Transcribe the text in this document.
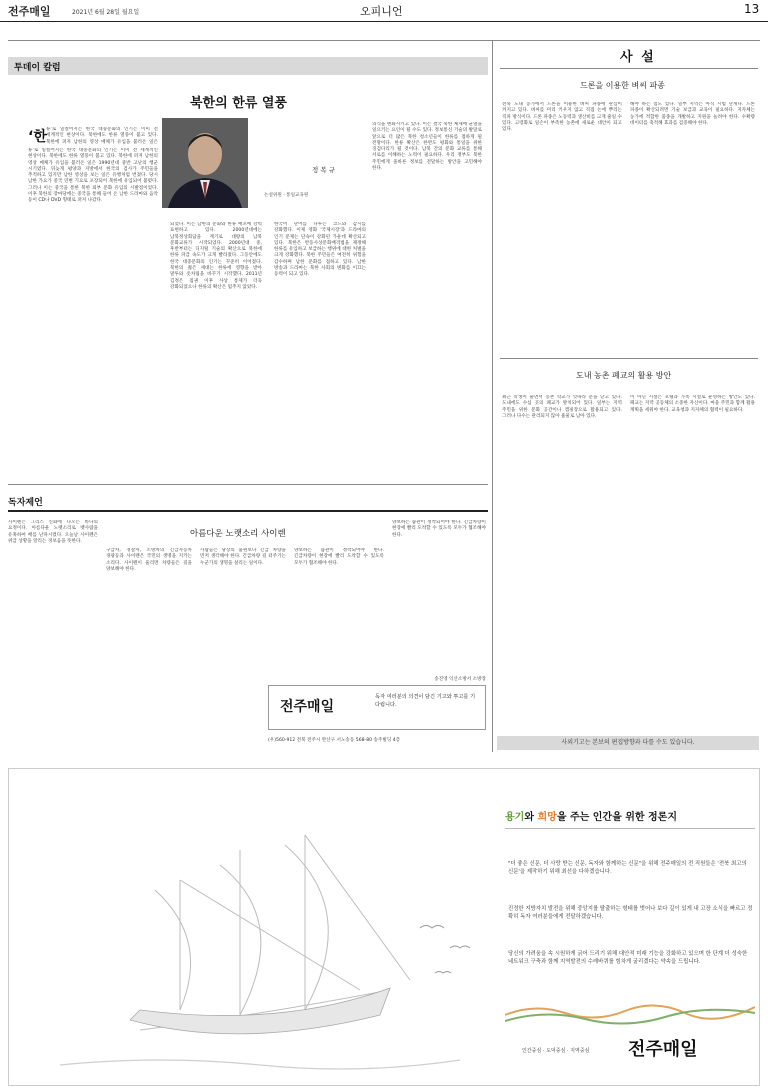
전주매일	2021년 6월 28일 월요일	오피니언	13
투데이 칼럼
북한의 한류 열풍
‘한 류’로 일컬어지는 한국 대중문화의 인기는 이미 전 세계적인 현상이다. 북한에도 한류 열풍이 불고 있다. 북한에 퍼져 남한의 영상 매체가 유입을 불러온 일은
류’로 일컬어지는 한국 대중문화의 인기는 이미 전 세계적인 현상이다. 북한에도 한류 열풍이 불고 있다. 북한에 퍼져 남한의 영상 매체가 유입을 불러온 일은 1990년대 중반 고난의 행군 시기였다. 뒤늦게 평양과 지방에서 한국의 검사가 주민들을 추적하고 있지만 남한 영상을 보는 일은 유행처럼 번졌다. 당시 남한 가요가 중국 연변 기요로 포장되어 북한에 유입되어 불렸다. 그러나 이는 중국을 통한 북한 외부 문화 유입의 시발점이었다. 이후 북한의 장마당에는 중국을 통해 들어 온 남한 드라마와 음악 등이 CD나 DVD 형태로 퍼져 나갔다.
정 복 규
논설위원 · 통일교육원
되었다. 이는 남한의 문화와 한류 배포에 강력 표현하고 있다. 2000년대에는 남북정상회담을 계기로 대량의 남북 문화교류가 시작되었다. 2000년대 중, 후반부터는 디지털 기술의 확산으로 북한에 한류 파급 속도가 크게 빨라졌다. 그동안에도 한국 대중문화의 인기는 꾸준히 이어졌다. 북한의 젊은 세대는 한류에 영향을 받아 말투와 옷차림을 바꾸기 시작했다. 2011년 김정은 집권 이후 사상 통제가 더욱 강화되었으나 한류의 확산은 멈추지 않았다.
한국어 단어를 다루는 코드와 감시를 강화했다. 이제 영화 '국제시장'과 드라마의 인기 문제는 단속이 강화된 가운데 확산되고 있다. 북한은 반동사상문화배격법을 제정해 한류를 유입하고 보급하는 행위에 대한 처벌을 크게 강화했다. 북한 주민들은 여전히 위험을 감수하며 남한 문화를 접하고 있다. 남한 방송과 드라마는 북한 사회의 변화를 이끄는 동력이 되고 있다.
의식을 변화시키고 있다. 이는 결국 북한 체제에 균열을 일으키는 요인이 될 수도 있다. 정보통신 기술의 발달로 앞으로 더 많은 북한 청소년들이 한류를 접하게 될 전망이다. 한류 확산은 한반도 평화와 통일을 위한 징검다리가 될 것이다. 남북 간의 문화 교류를 통해 서로를 이해하는 노력이 필요하다. 우리 정부도 북한 주민에게 올바른 정보를 전달하는 방안을 고민해야 한다.
사 설
드론을 이용한 벼씨 파종
전북 도내 농가에서 드론을 이용한 벼씨 파종에 관심이 커지고 있다. 벼씨를 미리 키우지 않고 직접 논에 뿌리는 직파 방식이다. 드론 파종은 노동력과 생산비를 크게 줄일 수 있다. 고령화로 일손이 부족한 농촌에 새로운 대안이 되고 있다.
해야 하는 점도 있다. 일부 지역은 아직 시범 단계다. 드론 파종이 확산되려면 기술 보급과 교육이 필요하다. 지자체는 농가에 적합한 품종을 개발하고 지원을 늘려야 한다. 수확량 데이터를 축적해 효과를 검증해야 한다.
도내 농촌 폐교의 활용 방안
최근 학생이 줄면서 농촌 학교가 잇따라 문을 닫고 있다. 도내에도 수십 곳의 폐교가 방치되어 있다. 일부는 지역 주민을 위한 문화 공간이나 캠핑장으로 활용되고 있다. 그러나 다수는 관리되지 않아 흉물로 남아 있다.
이 아닌 시설은 호텔과 가족 시설로 운영하는 방안도 있다. 폐교는 지역 공동체의 소중한 자산이다. 마을 주민과 함께 활용 계획을 세워야 한다. 교육청과 지자체의 협력이 필요하다.
사외기고는 본보의 편집방향과 다를 수도 있습니다.
독자제언
아름다운 노랫소리 사이렌
사이렌은 그리스 신화에 나오는 바다의 요정이다. 아름다운 노랫소리로 뱃사람을 유혹하여 배를 난파시켰다. 오늘날 사이렌은 위급 상황을 알리는 경보음을 뜻한다.
구급차, 경찰차, 소방차의 긴급자동차 경광등과 사이렌은 국민의 생명을 지키는 소리다. 사이렌이 울리면 차량들은 길을 양보해야 한다.
사람들은 당장의 불편보다 긴급 차량을 먼저 생각해야 한다. 긴급차량 길 터주기는 누군가의 생명을 살리는 일이다.
양보하는 습관이 정착되어야 한다. 긴급차량이 현장에 빨리 도착할 수 있도록 모두가 협조해야 한다.
양보하는 습관이 정착되어야 한다. 긴급차량이 현장에 빨리 도착할 수 있도록 모두가 협조해야 한다.
송진영 익산소방서 소방장
전주매일
독자 여러분의 의견이 담긴 기고와 투고를 기다립니다.
(우)560-912 전북 전주시 완산구 서노송동 568-80 송주빌딩 4층
용기와 희망을 주는 인간을 위한 정론지
"더 좋은 신문, 더 사랑 받는 신문, 독자와 함께하는 신문"을 위해 전주매일의 전 직원들은 '전북 최고의 신문'을 제작하기 위해 최선을 다하겠습니다.
진정한 지방자치 발전을 위해 중앙지를 탈출하는 형태를 벗어나 보다 깊이 있게 내 고장 소식을 빠르고 정확히 독자 여러분들에게 전달하겠습니다.
당신의 가려움을 속 시원하게 긁어 드리기 위해 대안적 미래 기능을 강화하고 있으며 한 단계 더 성숙한 네트워크 구축과 함께 지역발전의 수레바퀴를 힘차게 굴리겠다는 약속을 드립니다.
인간중심 · 도덕중심 · 지역중심 전주매일
